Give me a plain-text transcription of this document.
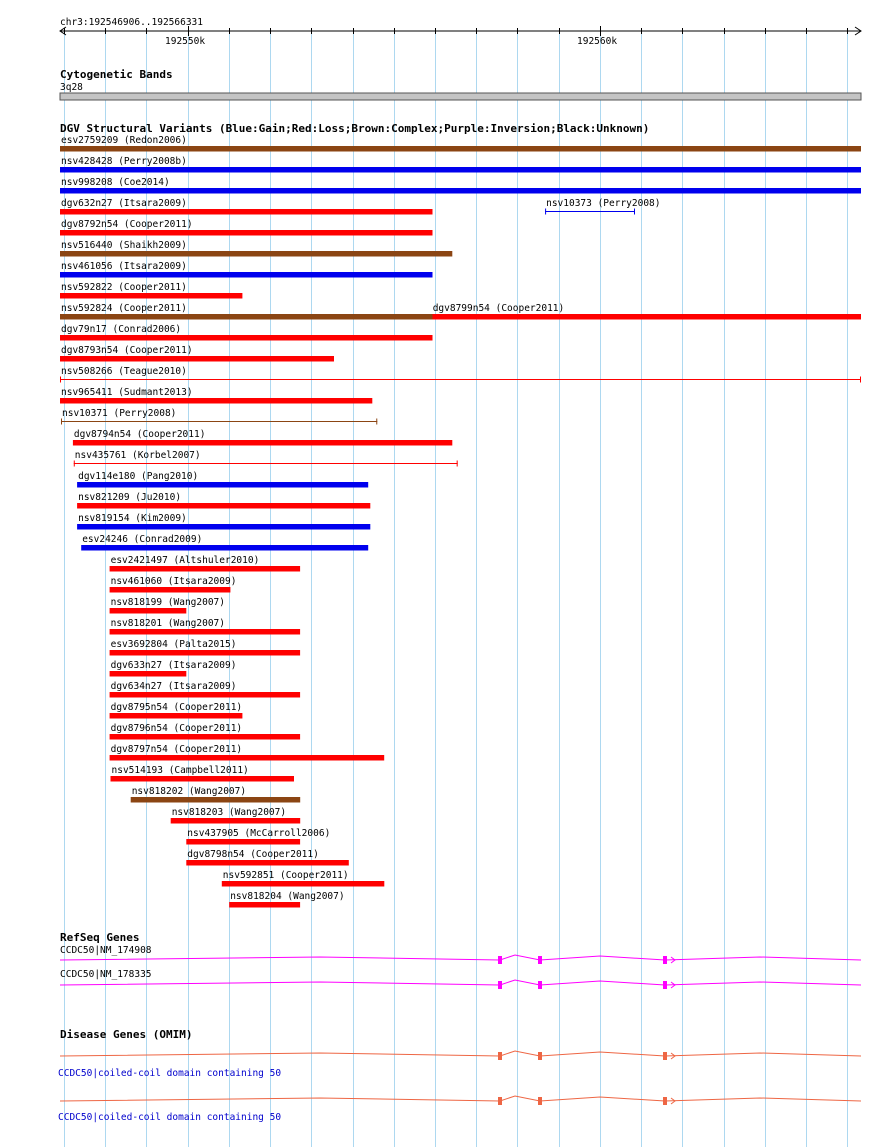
chr3:192546906..192566331
192550k	192560k
Cytogenetic Bands
3q28
DGV Structural Variants (Blue:Gain;Red:Loss;Brown:Complex;Purple:Inversion;Black:Unknown)
esv2759209 (Redon2006)
nsv428428 (Perry2008b)
nsv998208 (Coe2014)
dgv632n27 (Itsara2009)	nsv10373 (Perry2008)
dgv8792n54 (Cooper2011)
nsv516440 (Shaikh2009)
nsv461056 (Itsara2009)
nsv592822 (Cooper2011)
dgv8799n54 (Cooper2011)
nsv592824 (Cooper2011)
dgv79n17 (Conrad2006)
dgv8793n54 (Cooper2011)
nsv508266 (Teague2010)
nsv965411 (Sudmant2013)
nsv10371 (Perry2008)
dgv8794n54 (Cooper2011)
nsv435761 (Korbel2007)
dgv114e180 (Pang2010)
nsv821209 (Ju2010)
nsv819154 (Kim2009)
esv24246 (Conrad2009)
esv2421497 (Altshuler2010)
nsv461060 (Itsara2009)
nsv818199 (Wang2007)
nsv818201 (Wang2007)
esv3692804 (Palta2015)
dgv633n27 (Itsara2009)
dgv634n27 (Itsara2009)
dgv8795n54 (Cooper2011)
dgv8796n54 (Cooper2011)
dgv8797n54 (Cooper2011)
nsv514193 (Campbell2011)
nsv818202 (Wang2007)
nsv818203 (Wang2007)
nsv437905 (McCarroll2006)
dgv8798n54 (Cooper2011)
nsv592851 (Cooper2011)
nsv818204 (Wang2007)
RefSeq Genes
CCDC50|NM_174908
CCDC50|NM_178335
Disease Genes (OMIM)
CCDC50|coiled-coil domain containing 50
CCDC50|coiled-coil domain containing 50
